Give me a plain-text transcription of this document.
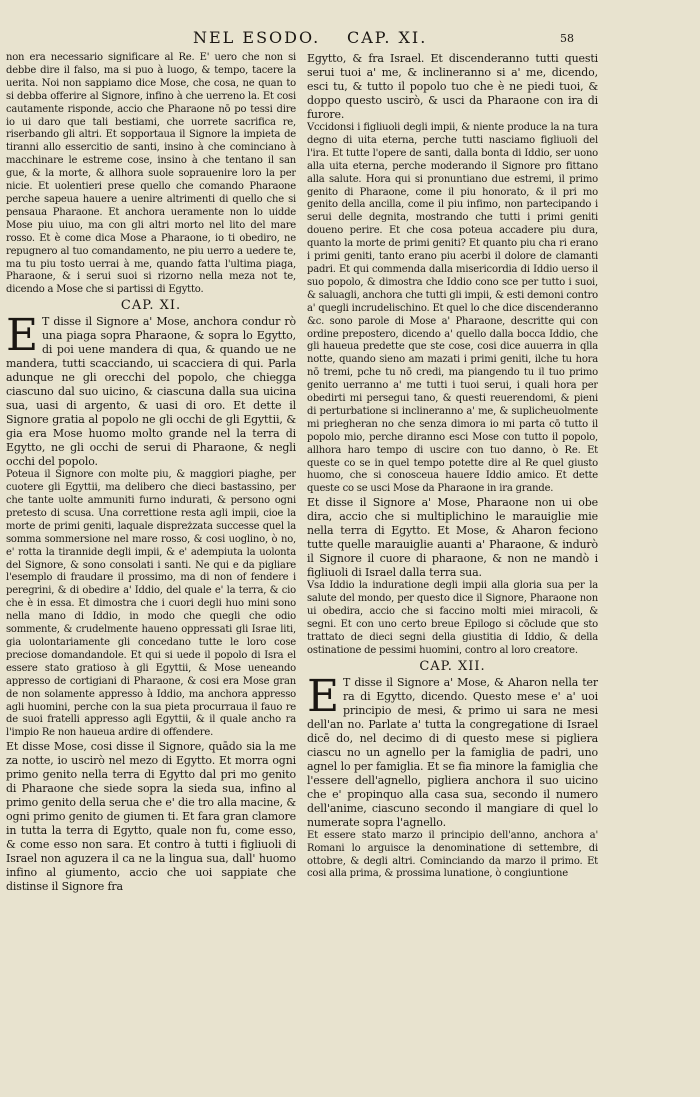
NEL ESODO. CAP. XI.	58

non era necessario significare al Re. E' uero che non si debbe dire il falso, ma si puo à luogo, & tempo, tacere la uerita. Noi non sappiamo dice Mose, che cosa, ne quan to si debba offerire al Signore, infino à che uerreno la. Et cosi cautamente risponde, accio che Pharaone nō po tessi dire io ui daro que tali bestiami, che uorrete sacrifica re, riserbando gli altri. Et sopportaua il Signore la impieta de tiranni allo essercitio de santi, insino à che cominciano à macchinare le estreme cose, insino à che tentano il san gue, & la morte, & allhora suole soprauenire loro la per nicie. Et uolentieri prese quello che comando Pharaone perche sapeua hauere a uenire altrimenti di quello che si pensaua Pharaone. Et anchora ueramente non lo uidde Mose piu uiuo, ma con gli altri morto nel lito del mare rosso. Et è come dica Mose a Pharaone, io ti obediro, ne repugnero al tuo comandamento, ne piu uerro a uedere te, ma tu piu tosto uerrai à me, quando fatta l'ultima piaga, Pharaone, & i serui suoi si rizorno nella meza not te, dicendo a Mose che si partissi di Egytto.

CAP. XI.

E T disse il Signore a' Mose, anchora condur rò una piaga sopra Pharaone, & sopra lo Egytto, di poi uene mandera di qua, & quando ue ne mandera, tutti scacciando, ui scacciera di qui. Parla adunque ne gli orecchi del popolo, che chiegga ciascuno dal suo uicino, & ciascuna dalla sua uicina sua, uasi di argento, & uasi di oro. Et dette il Signore gratia al popolo ne gli occhi de gli Egyttii, & gia era Mose huomo molto grande nel la terra di Egytto, ne gli occhi de serui di Pharaone, & negli occhi del popolo.

Poteua il Signore con molte piu, & maggiori piaghe, per cuotere gli Egyttii, ma delibero che dieci bastassino, per che tante uolte ammuniti furno indurati, & persono ogni pretesto di scusa. Una correttione resta agli impii, cioe la morte de primi geniti, laquale dispreżzata successe quel la somma sommersione nel mare rosso, & cosi uoglino, ò no, e' rotta la tirannide degli impii, & e' adempiuta la uolonta del Signore, & sono consolati i santi. Ne qui e da pigliare l'esemplo di fraudare il prossimo, ma di non of fendere i peregrini, & di obedire a' Iddio, del quale e' la terra, & cio che è in essa. Et dimostra che i cuori degli huo mini sono nella mano di Iddio, in modo che quegli che odio sommente, & crudelmente haueno oppressati gli Israe liti, gia uolontariamente gli concedano tutte le loro cose preciose domandandole. Et qui si uede il popolo di Isra el essere stato gratioso à gli Egyttii, & Mose ueneando appresso de cortigiani di Pharaone, & cosi era Mose gran de non solamente appresso à Iddio, ma anchora appresso agli huomini, perche con la sua pieta procurraua il fauo re de suoi fratelli appresso agli Egyttii, & il quale ancho ra l'impio Re non haueua ardire di offendere.

Et disse Mose, cosi disse il Signore, quādo sia la me za notte, io uscirò nel mezo di Egytto. Et morra ogni primo genito nella terra di Egytto dal pri mo genito di Pharaone che siede sopra la sieda sua, infino al primo genito della serua che e' die tro alla macine, & ogni primo genito de giumen ti. Et fara gran clamore in tutta la terra di Egytto, quale non fu, come esso, & come esso non sara. Et contro à tutti i figliuoli di Israel non aguzera il ca ne la lingua sua, dall' huomo infino al giumento, accio che uoi sappiate che distinse il Signore fra

Egytto, & fra Israel. Et discenderanno tutti questi serui tuoi a' me, & inclineranno si a' me, dicendo, esci tu, & tutto il popolo tuo che è ne piedi tuoi, & doppo questo uscirò, & usci da Pharaone con ira di furore.

Vccidonsi i figliuoli degli impii, & niente produce la na tura degno di uita eterna, perche tutti nasciamo figliuoli del l'ira. Et tutte l'opere de santi, dalla bonta di Iddio, ser uono alla uita eterna, perche moderando il Signore pro fittano alla salute. Hora qui si pronuntiano due estremi, il primo genito di Pharaone, come il piu honorato, & il pri mo genito della ancilla, come il piu infimo, non partecipando i serui delle degnita, mostrando che tutti i primi geniti doueno perire. Et che cosa poteua accadere piu dura, quanto la morte de primi geniti? Et quanto piu cha ri erano i primi geniti, tanto erano piu acerbi il dolore de clamanti padri. Et qui commenda dalla misericordia di Iddio uerso il suo popolo, & dimostra che Iddio cono sce per tutto i suoi, & saluagli, anchora che tutti gli impii, & esti demoni contro a' quegli incrudelischino. Et quel lo che dice discenderanno &c. sono parole di Mose a' Pharaone, descritte qui con ordine prepostero, dicendo a' quello dalla bocca Iddio, che gli haueua predette que ste cose, cosi dice auuerra in qlla notte, quando sieno am mazati i primi geniti, ilche tu hora nō tremi, pche tu nō credi, ma piangendo tu il tuo primo genito uerranno a' me tutti i tuoi serui, i quali hora per obedirti mi persegui tano, & questi reuerendomi, & pieni di perturbatione si inclineranno a' me, & suplicheuolmente mi priegheran no che senza dimora io mi parta cō tutto il popolo mio, perche diranno esci Mose con tutto il popolo, allhora haro tempo di uscire con tuo danno, ò Re. Et queste co se in quel tempo potette dire al Re quel giusto huomo, che si conosceua hauere Iddio amico. Et dette queste co se usci Mose da Pharaone in ira grande.

Et disse il Signore a' Mose, Pharaone non ui obe dira, accio che si multiplichino le marauiglie mie nella terra di Egytto. Et Mose, & Aharon feciono tutte quelle marauiglie auanti a' Pharaone, & indurò il Signore il cuore di pharaone, & non ne mandò i figliuoli di Israel dalla terra sua.

Vsa Iddio la induratione degli impii alla gloria sua per la salute del mondo, per questo dice il Signore, Pharaone non ui obedira, accio che si faccino molti miei miracoli, & segni. Et con uno certo breue Epilogo si cōclude que sto trattato de dieci segni della giustitia di Iddio, & della ostinatione de pessimi huomini, contro al loro creatore.

CAP. XII.

E T disse il Signore a' Mose, & Aharon nella ter ra di Egytto, dicendo. Questo mese e' a' uoi principio de mesi, & primo ui sara ne mesi dell'an no. Parlate a' tutta la congregatione di Israel dicē do, nel decimo di di questo mese si pigliera ciascu no un agnello per la famiglia de padri, uno agnel lo per famiglia. Et se fia minore la famiglia che l'essere dell'agnello, pigliera anchora il suo uicino che e' propinquo alla casa sua, secondo il numero dell'anime, ciascuno secondo il mangiare di quel lo numerate sopra l'agnello.

Et essere stato marzo il principio dell'anno, anchora a' Romani lo arguisce la denominatione di settembre, di ottobre, & degli altri. Cominciando da marzo il primo. Et cosi alla prima, & prossima lunatione, ò congiuntione
